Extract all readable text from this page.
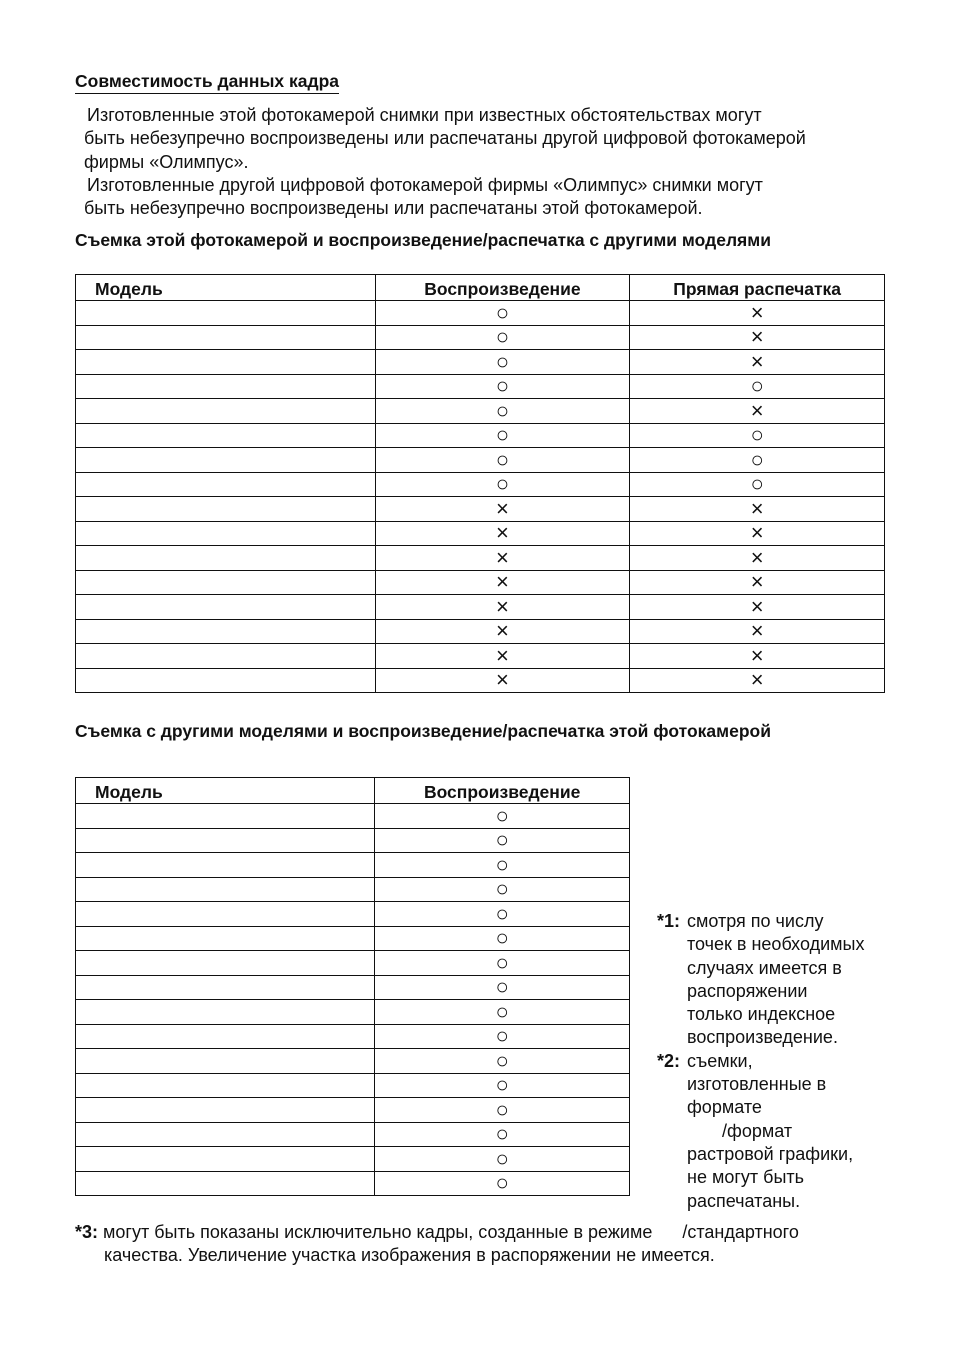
Совместимость данных кадра
Изготовленные этой фотокамерой снимки при известных обстоятельствах могут
быть небезупречно воспроизведены или распечатаны другой цифровой фотокамерой
фирмы «Олимпус».
Изготовленные другой цифровой фотокамерой фирмы «Олимпус» снимки могут
быть небезупречно воспроизведены или распечатаны этой фотокамерой.
Съемка этой фотокамерой и воспроизведение/распечатка с другими моделями
Модель	Воспроизведение	Прямая распечатка
	○	×
	○	×
	○	×
	○	○
	○	×
	○	○
	○	○
	○	○
	×	×
	×	×
	×	×
	×	×
	×	×
	×	×
	×	×
	×	×
Съемка с другими моделями и воспроизведение/распечатка этой фотокамерой
Модель	Воспроизведение
	○
	○
	○
	○
	○
	○
	○
	○
	○
	○
	○
	○
	○
	○
	○
	○
*1: смотря по числу
точек в необходимых
случаях имеется в
распоряжении
только индексное
воспроизведение.
*2: съемки,
изготовленные в
формате
/формат
растровой графики,
не могут быть
распечатаны.
*3: могут быть показаны исключительно кадры, созданные в режиме      /стандартного
качества. Увеличение участка изображения в распоряжении не имеется.
